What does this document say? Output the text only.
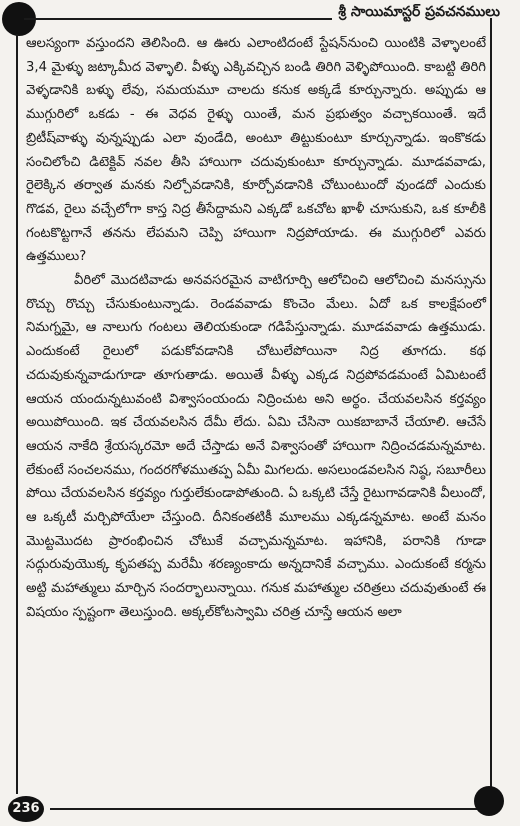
శ్రీ సాయిమాస్టర్ ప్రవచనములు

ఆలస్యంగా వస్తుందని తెలిసింది. ఆ ఊరు ఎలాంటిదంటే స్టేషన్‌నుంచి యింటికి వెళ్ళాలంటే 3,4 మైళ్ళు జట్కామీద వెళ్ళాలి. వీళ్ళు ఎక్కివచ్చిన బండి తిరిగి వెళ్ళిపోయింది. కాబట్టి తిరిగి వెళ్ళడానికి బళ్ళు లేవు, సమయమూ చాలదు కనుక అక్కడే కూర్చున్నారు. అప్పుడు ఆ ముగ్గురిలో ఒకడు - ఈ వెధవ రైళ్ళు యింతే, మన ప్రభుత్వం వచ్చాకయింతే. ఇదే బ్రిటీష్‌వాళ్ళు వున్నప్పుడు ఎలా వుండేది, అంటూ తిట్టుకుంటూ కూర్చున్నాడు. ఇంకొకడు సంచిలోంచి డిటెక్టివ్ నవల తీసి హాయిగా చదువుకుంటూ కూర్చున్నాడు. మూడవవాడు, రైలెక్కిన తర్వాత మనకు నిల్చోవడానికి, కూర్చోవడానికి చోటుంటుందో వుండదో ఎందుకు గొడవ, రైలు వచ్చేలోగా కాస్త నిద్ర తీసేద్దామని ఎక్కడో ఒకచోట ఖాళీ చూసుకుని, ఒక కూలీకి గంటకొట్టగానే తనను లేపమని చెప్పి హాయిగా నిద్రపోయాడు. ఈ ముగ్గురిలో ఎవరు ఉత్తములు?

వీరిలో మొదటివాడు అనవసరమైన వాటిగూర్చి ఆలోచించి ఆలోచించి మనస్సును రొచ్చు రొచ్చు చేసుకుంటున్నాడు. రెండవవాడు కొంచెం మేలు. ఏదో ఒక కాలక్షేపంలో నిమగ్నమై, ఆ నాలుగు గంటలు తెలియకుండా గడిపేస్తున్నాడు. మూడవవాడు ఉత్తముడు. ఎందుకంటే రైలులో పడుకోవడానికి చోటులేపోయినా నిద్ర తూగదు. కథ చదువుకున్నవాడుగూడా తూగుతాడు. అయితే వీళ్ళు ఎక్కడ నిద్రపోవడమంటే ఏమిటంటే ఆయన యందున్నటువంటి విశ్వాసంయందు నిద్రించుట అని అర్థం. చేయవలసిన కర్తవ్యం అయిపోయింది. ఇక చేయవలసిన దేమీ లేదు. ఏమి చేసినా యికబాబానే చేయాలి. ఆచేసే ఆయన నాకేది శ్రేయస్కరమో అదే చేస్తాడు అనే విశ్వాసంతో హాయిగా నిద్రించడమన్నమాట. లేకుంటే సంచలనము, గందరగోళముతప్ప ఏమీ మిగలదు. అసలుండవలసిన నిష్ఠ, సబూరీలు పోయి చేయవలసిన కర్తవ్యం గుర్తులేకుండాపోతుంది. ఏ ఒక్కటి చేస్తే రైటుగావడానికి వీలుందో, ఆ ఒక్కటీ మర్చిపోయేలా చేస్తుంది. దీనికంతటికీ మూలము ఎక్కడన్నమాట. అంటే మనం మొట్టమొదట ప్రారంభించిన చోటుకే వచ్చామన్నమాట. ఇహానికి, పరానికి గూడా సద్గురువుయొక్క కృపతప్ప మరేమీ శరణ్యంకాదు అన్నదానికే వచ్చాము. ఎందుకంటే కర్మను అట్టి మహాత్ములు మార్చిన సందర్భాలున్నాయి. గనుక మహాత్ముల చరిత్రలు చదువుతుంటే ఈ విషయం స్పష్టంగా తెలుస్తుంది. అక్కల్‌కోటస్వామి చరిత్ర చూస్తే ఆయన అలా

236
